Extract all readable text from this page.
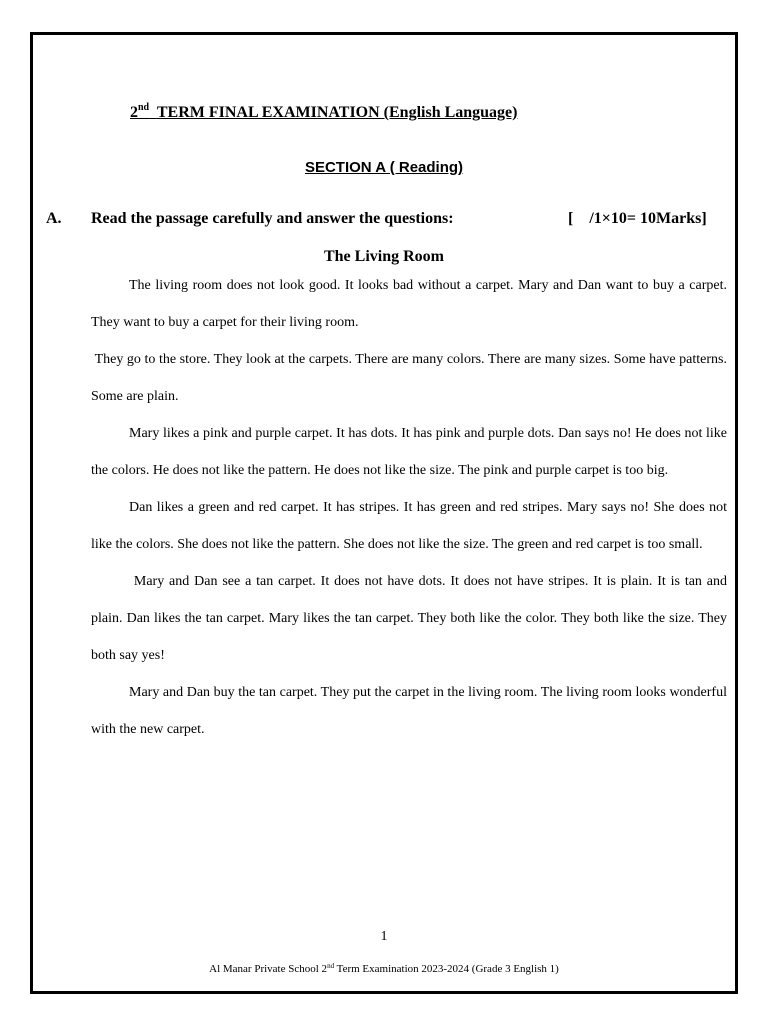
2nd TERM FINAL EXAMINATION (English Language)
SECTION A ( Reading)
A. Read the passage carefully and answer the questions:	[    /1×10= 10Marks]
The Living Room

The living room does not look good. It looks bad without a carpet. Mary and Dan want to buy a carpet. They want to buy a carpet for their living room.

They go to the store. They look at the carpets. There are many colors. There are many sizes. Some have patterns. Some are plain.

Mary likes a pink and purple carpet. It has dots. It has pink and purple dots. Dan says no! He does not like the colors. He does not like the pattern. He does not like the size. The pink and purple carpet is too big.

Dan likes a green and red carpet. It has stripes. It has green and red stripes. Mary says no! She does not like the colors. She does not like the pattern. She does not like the size. The green and red carpet is too small.

Mary and Dan see a tan carpet. It does not have dots. It does not have stripes. It is plain. It is tan and plain. Dan likes the tan carpet. Mary likes the tan carpet. They both like the color. They both like the size. They both say yes!

Mary and Dan buy the tan carpet. They put the carpet in the living room. The living room looks wonderful with the new carpet.

1
Al Manar Private School 2nd Term Examination 2023-2024 (Grade 3 English 1)
